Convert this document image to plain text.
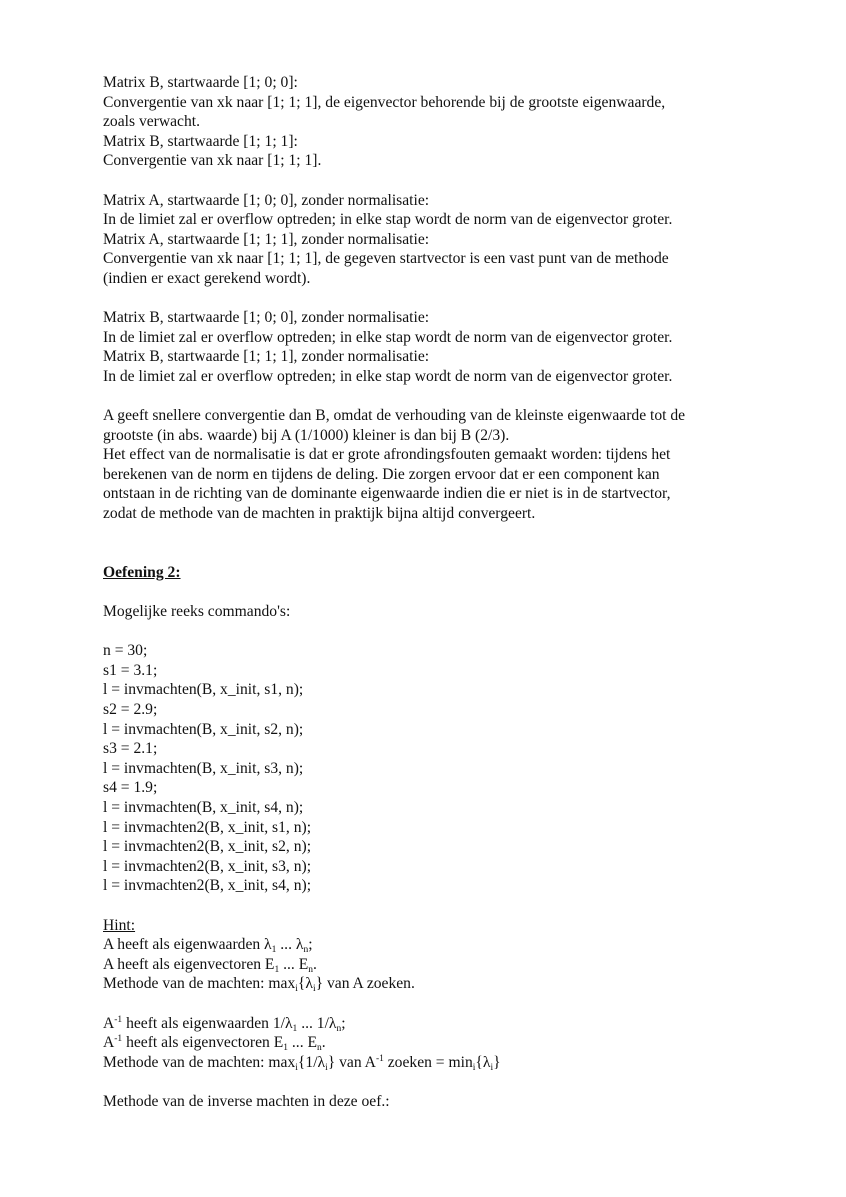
Matrix B, startwaarde [1; 0; 0]:
Convergentie van xk naar [1; 1; 1], de eigenvector behorende bij de grootste eigenwaarde,
zoals verwacht.
Matrix B, startwaarde [1; 1; 1]:
Convergentie van xk naar [1; 1; 1].
Matrix A, startwaarde [1; 0; 0], zonder normalisatie:
In de limiet zal er overflow optreden; in elke stap wordt de norm van de eigenvector groter.
Matrix A, startwaarde [1; 1; 1], zonder normalisatie:
Convergentie van xk naar [1; 1; 1], de gegeven startvector is een vast punt van de methode
(indien er exact gerekend wordt).
Matrix B, startwaarde [1; 0; 0], zonder normalisatie:
In de limiet zal er overflow optreden; in elke stap wordt de norm van de eigenvector groter.
Matrix B, startwaarde [1; 1; 1], zonder normalisatie:
In de limiet zal er overflow optreden; in elke stap wordt de norm van de eigenvector groter.
A geeft snellere convergentie dan B, omdat de verhouding van de kleinste eigenwaarde tot de
grootste (in abs. waarde) bij A (1/1000) kleiner is dan bij B (2/3).
Het effect van de normalisatie is dat er grote afrondingsfouten gemaakt worden: tijdens het
berekenen van de norm en tijdens de deling. Die zorgen ervoor dat er een component kan
ontstaan in de richting van de dominante eigenwaarde indien die er niet is in de startvector,
zodat de methode van de machten in praktijk bijna altijd convergeert.
Oefening 2:
Mogelijke reeks commando's:
n = 30;
s1 = 3.1;
l = invmachten(B, x_init, s1, n);
s2 = 2.9;
l = invmachten(B, x_init, s2, n);
s3 = 2.1;
l = invmachten(B, x_init, s3, n);
s4 = 1.9;
l = invmachten(B, x_init, s4, n);
l = invmachten2(B, x_init, s1, n);
l = invmachten2(B, x_init, s2, n);
l = invmachten2(B, x_init, s3, n);
l = invmachten2(B, x_init, s4, n);
Hint:
A heeft als eigenwaarden $\lambda_1$ ... $\lambda_n$;
A heeft als eigenvectoren $E_1$ ... $E_n$.
Methode van de machten: $\max_i\{\lambda_i\}$ van A zoeken.
$A^{-1}$ heeft als eigenwaarden $1/\lambda_1$ ... $1/\lambda_n$;
$A^{-1}$ heeft als eigenvectoren $E_1$ ... $E_n$.
Methode van de machten: $\max_i\{1/\lambda_i\}$ van $A^{-1}$ zoeken = $\min_i\{\lambda_i\}$
Methode van de inverse machten in deze oef.:
